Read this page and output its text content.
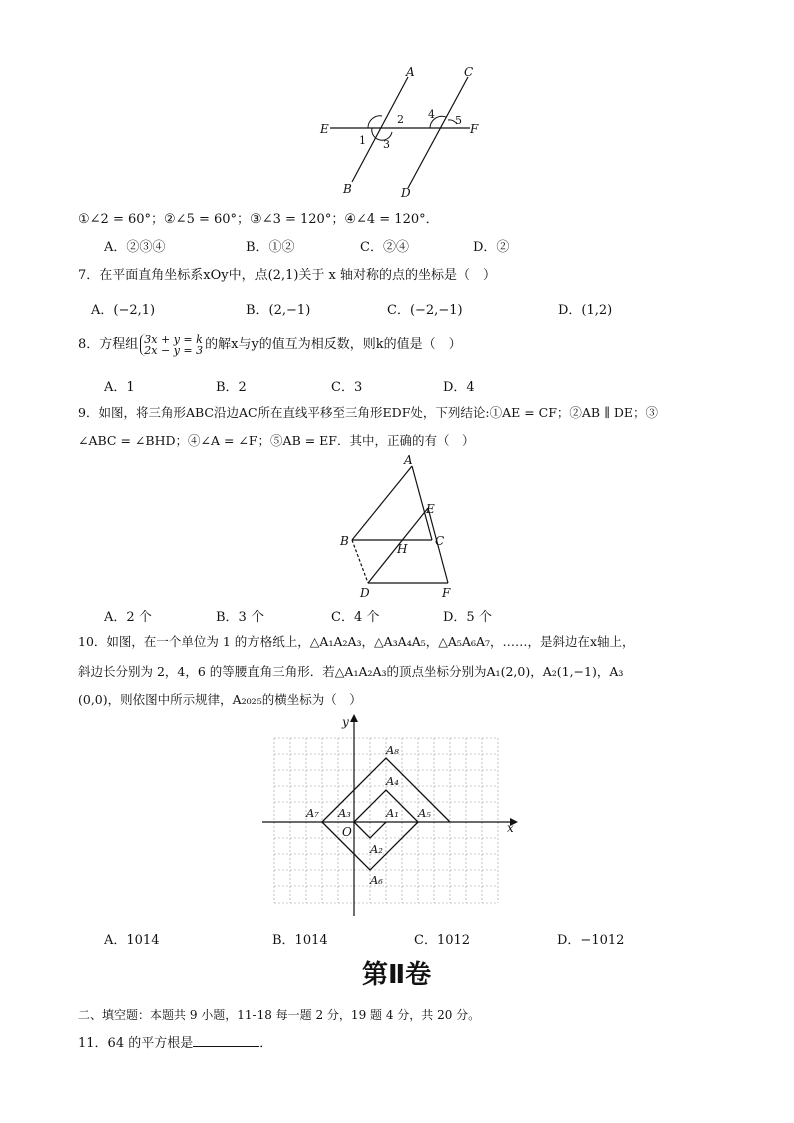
A	C
E	F
B	D
1
2
3
4 5
①∠2 = 60°；②∠5 = 60°；③∠3 = 120°；④∠4 = 120°．
A．②③④	B．①②	C．②④	D．②
7．在平面直角坐标系xOy中，点(2,1)关于 x 轴对称的点的坐标是（　）
A．(−2,1)	B．(2,−1)	C．(−2,−1)	D．(1,2)
8．方程组 3x + y = k
2x − y = 3 的解x与y的值互为相反数，则k的值是（　）
A．1	B．2	C．3	D．4
9．如图，将三角形ABC沿边AC所在直线平移至三角形EDF处，下列结论:①AE = CF；②AB ∥ DE；③
∠ABC = ∠BHD；④∠A = ∠F；⑤AB = EF．其中，正确的有（　）
A
E
B	C
H
D	F
A．2 个	B．3 个	C．4 个	D．5 个
10．如图，在一个单位为 1 的方格纸上，△A₁A₂A₃，△A₃A₄A₅，△A₅A₆A₇，……，是斜边在x轴上，
斜边长分别为 2，4，6 的等腰直角三角形．若△A₁A₂A₃的顶点坐标分别为A₁(2,0)，A₂(1,−1)，A₃
(0,0)，则依图中所示规律，A₂₀₂₅的横坐标为（　）
y
x
O
A₁
A₂
A₃
A₄
A₅
A₆
A₇
A₈
A．1014	B．1014	C．1012	D．−1012
第Ⅱ卷
二、填空题：本题共 9 小题，11-18 每一题 2 分，19 题 4 分，共 20 分。
11．64 的平方根是	．
